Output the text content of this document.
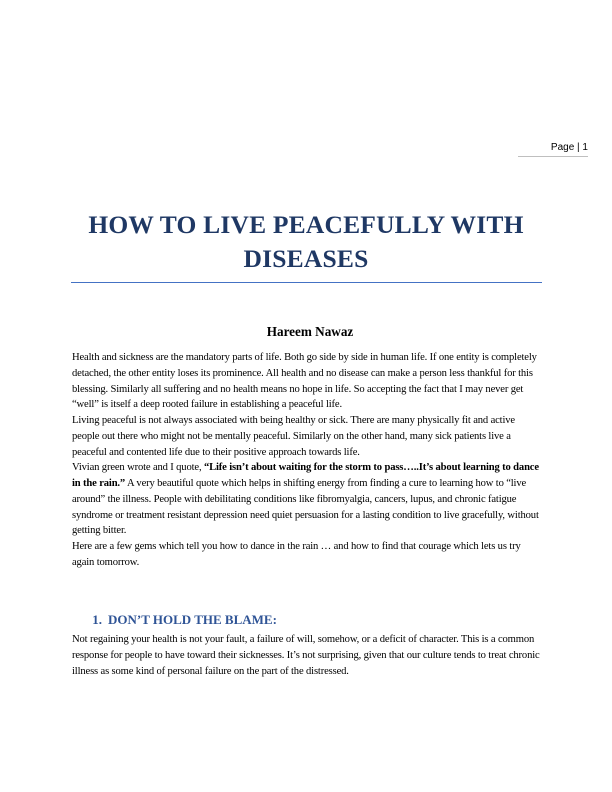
Page | 1
HOW TO LIVE PEACEFULLY WITH DISEASES
Hareem Nawaz

Health and sickness are the mandatory parts of life. Both go side by side in human life. If one entity is completely detached, the other entity loses its prominence. All health and no disease can make a person less thankful for this blessing. Similarly all suffering and no health means no hope in life. So accepting the fact that I may never get “well” is itself a deep rooted failure in establishing a peaceful life.

Living peaceful is not always associated with being healthy or sick. There are many physically fit and active people out there who might not be mentally peaceful. Similarly on the other hand, many sick patients live a peaceful and contented life due to their positive approach towards life.

Vivian green wrote and I quote, “Life isn’t about waiting for the storm to pass…..It’s about learning to dance in the rain.” A very beautiful quote which helps in shifting energy from finding a cure to learning how to “live around” the illness. People with debilitating conditions like fibromyalgia, cancers, lupus, and chronic fatigue syndrome or treatment resistant depression need quiet persuasion for a lasting condition to live gracefully, without getting bitter.

Here are a few gems which tell you how to dance in the rain … and how to find that courage which lets us try again tomorrow.

1. DON’T HOLD THE BLAME:

Not regaining your health is not your fault, a failure of will, somehow, or a deficit of character. This is a common response for people to have toward their sicknesses. It’s not surprising, given that our culture tends to treat chronic illness as some kind of personal failure on the part of the distressed.
